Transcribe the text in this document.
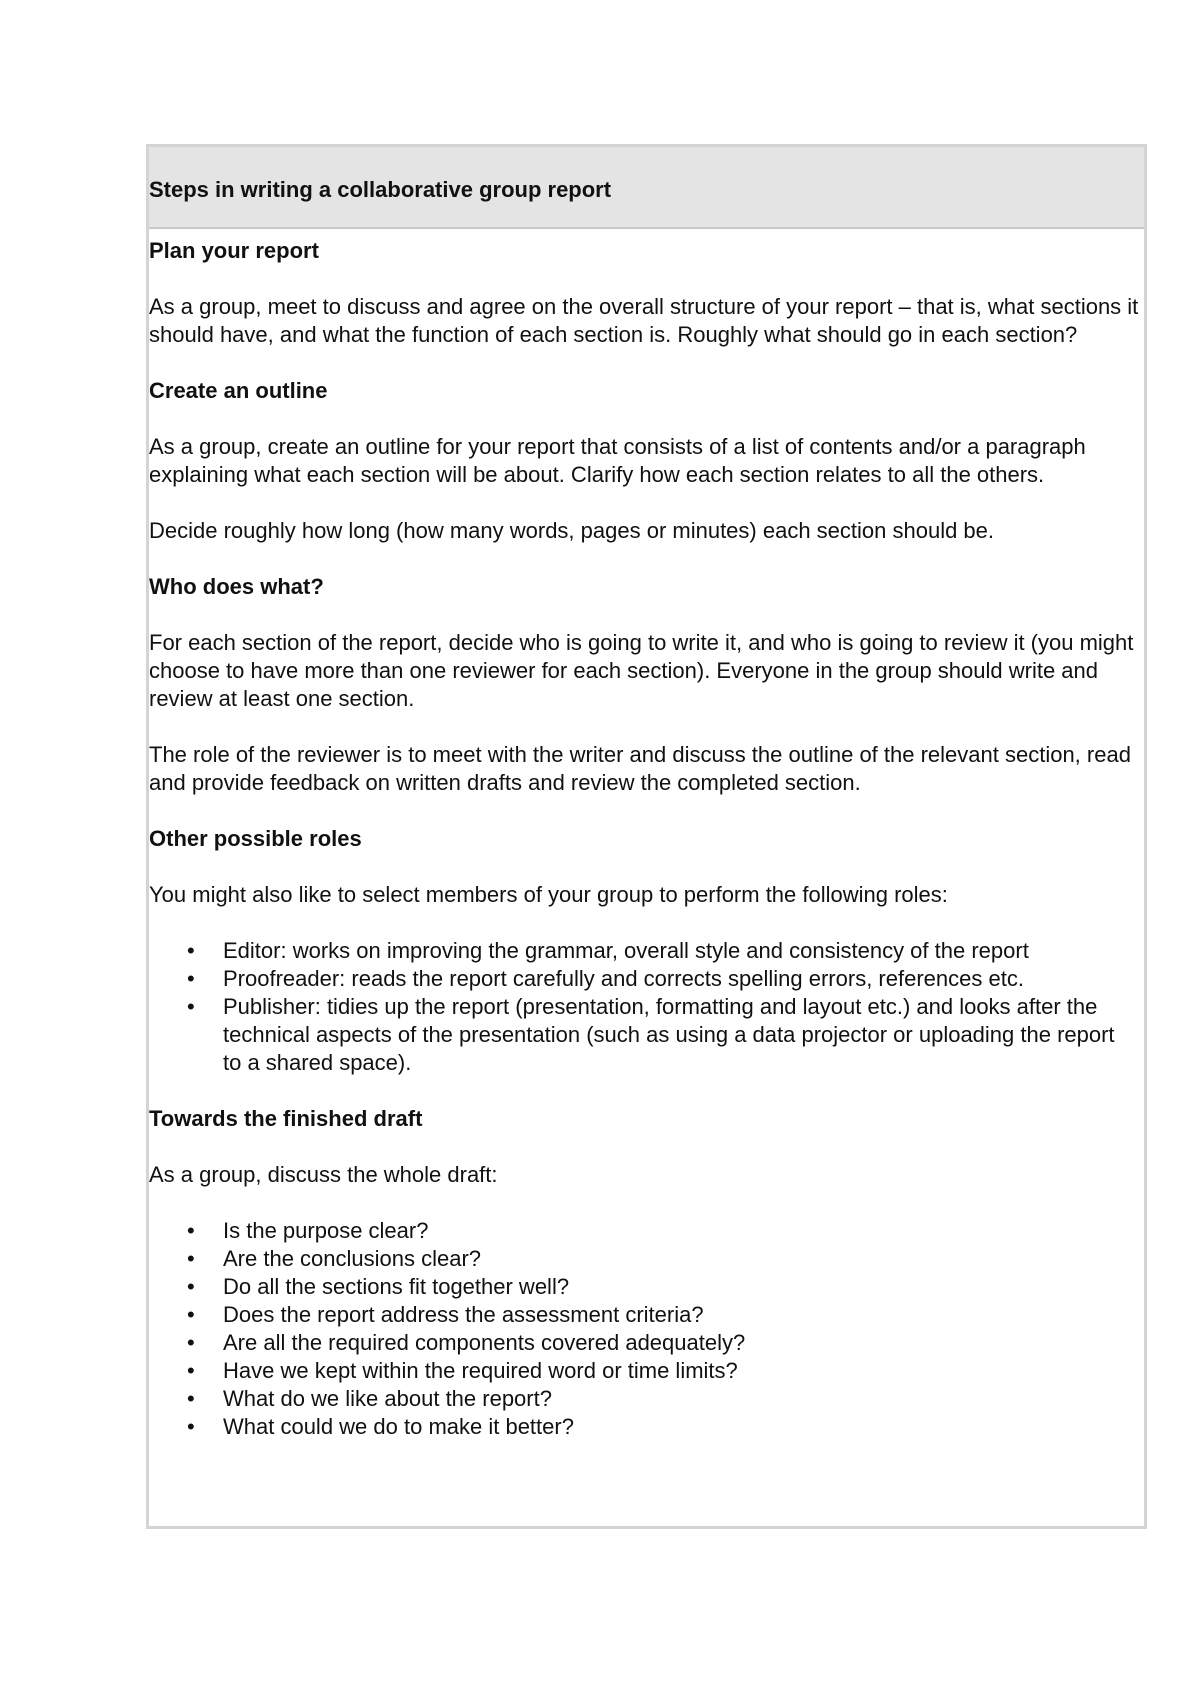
Steps in writing a collaborative group report
Plan your report

As a group, meet to discuss and agree on the overall structure of your report – that is, what sections it should have, and what the function of each section is. Roughly what should go in each section?

Create an outline

As a group, create an outline for your report that consists of a list of contents and/or a paragraph explaining what each section will be about. Clarify how each section relates to all the others.

Decide roughly how long (how many words, pages or minutes) each section should be.

Who does what?

For each section of the report, decide who is going to write it, and who is going to review it (you might choose to have more than one reviewer for each section). Everyone in the group should write and review at least one section.

The role of the reviewer is to meet with the writer and discuss the outline of the relevant section, read and provide feedback on written drafts and review the completed section.

Other possible roles

You might also like to select members of your group to perform the following roles:

• Editor: works on improving the grammar, overall style and consistency of the report
• Proofreader: reads the report carefully and corrects spelling errors, references etc.
• Publisher: tidies up the report (presentation, formatting and layout etc.) and looks after the technical aspects of the presentation (such as using a data projector or uploading the report to a shared space).
Towards the finished draft

As a group, discuss the whole draft:

• Is the purpose clear?
• Are the conclusions clear?
• Do all the sections fit together well?
• Does the report address the assessment criteria?
• Are all the required components covered adequately?
• Have we kept within the required word or time limits?
• What do we like about the report?
• What could we do to make it better?
